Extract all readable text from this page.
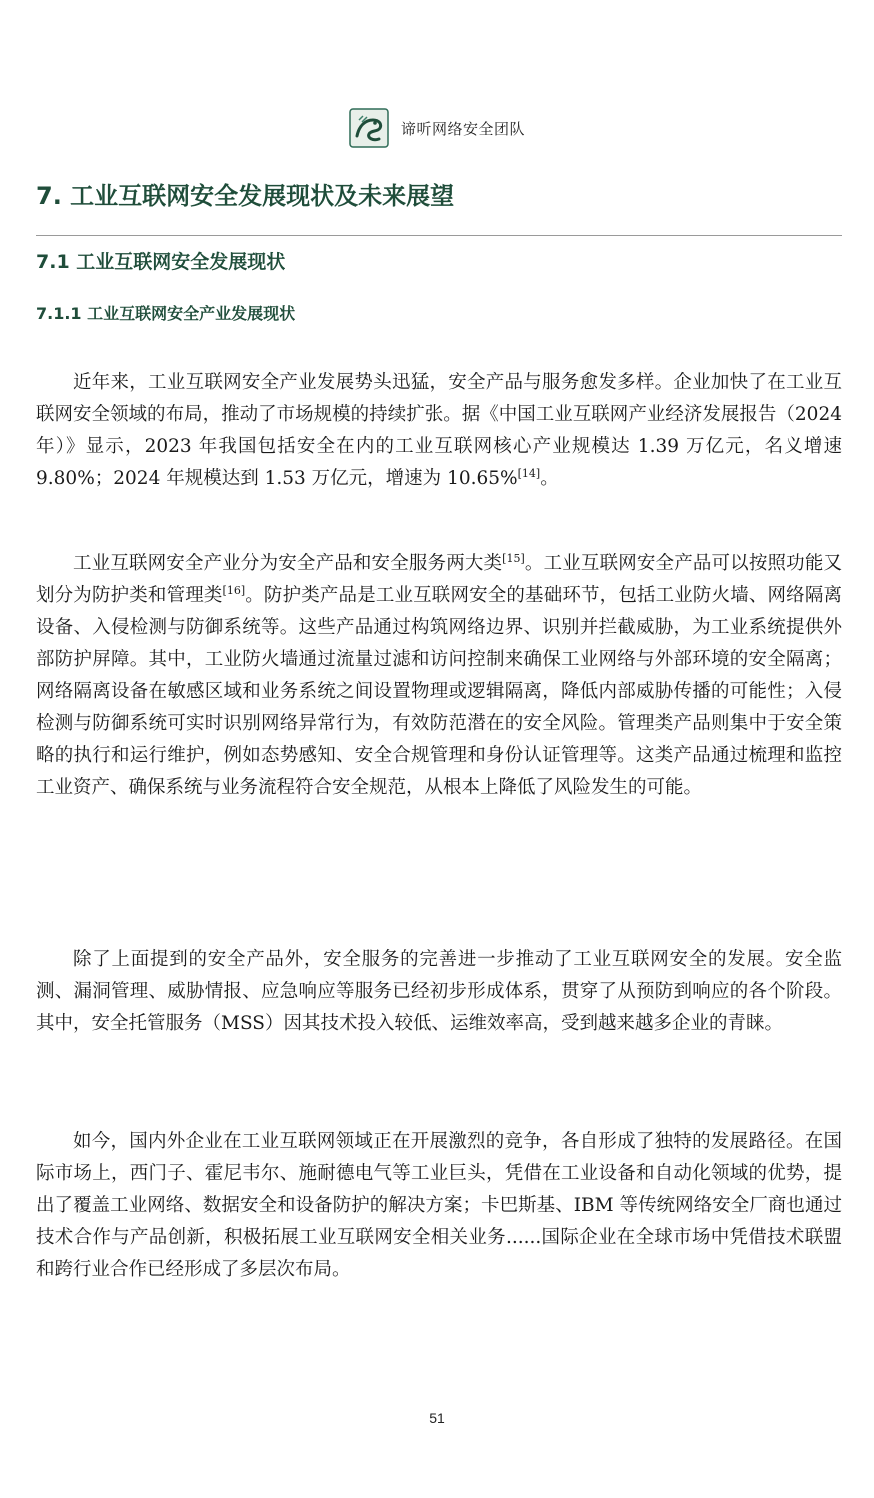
谛听网络安全团队
7. 工业互联网安全发展现状及未来展望
7.1 工业互联网安全发展现状
7.1.1 工业互联网安全产业发展现状

近年来，工业互联网安全产业发展势头迅猛，安全产品与服务愈发多样。企业加快了在工业互联网安全领域的布局，推动了市场规模的持续扩张。据《中国工业互联网产业经济发展报告（2024 年）》显示，2023 年我国包括安全在内的工业互联网核心产业规模达 1.39 万亿元，名义增速 9.80%；2024 年规模达到 1.53 万亿元，增速为 10.65%[14]。

工业互联网安全产业分为安全产品和安全服务两大类[15]。工业互联网安全产品可以按照功能又划分为防护类和管理类[16]。防护类产品是工业互联网安全的基础环节，包括工业防火墙、网络隔离设备、入侵检测与防御系统等。这些产品通过构筑网络边界、识别并拦截威胁，为工业系统提供外部防护屏障。其中，工业防火墙通过流量过滤和访问控制来确保工业网络与外部环境的安全隔离；网络隔离设备在敏感区域和业务系统之间设置物理或逻辑隔离，降低内部威胁传播的可能性；入侵检测与防御系统可实时识别网络异常行为，有效防范潜在的安全风险。管理类产品则集中于安全策略的执行和运行维护，例如态势感知、安全合规管理和身份认证管理等。这类产品通过梳理和监控工业资产、确保系统与业务流程符合安全规范，从根本上降低了风险发生的可能。

除了上面提到的安全产品外，安全服务的完善进一步推动了工业互联网安全的发展。安全监测、漏洞管理、威胁情报、应急响应等服务已经初步形成体系，贯穿了从预防到响应的各个阶段。其中，安全托管服务（MSS）因其技术投入较低、运维效率高，受到越来越多企业的青睐。

如今，国内外企业在工业互联网领域正在开展激烈的竞争，各自形成了独特的发展路径。在国际市场上，西门子、霍尼韦尔、施耐德电气等工业巨头，凭借在工业设备和自动化领域的优势，提出了覆盖工业网络、数据安全和设备防护的解决方案；卡巴斯基、IBM 等传统网络安全厂商也通过技术合作与产品创新，积极拓展工业互联网安全相关业务......国际企业在全球市场中凭借技术联盟和跨行业合作已经形成了多层次布局。

51
